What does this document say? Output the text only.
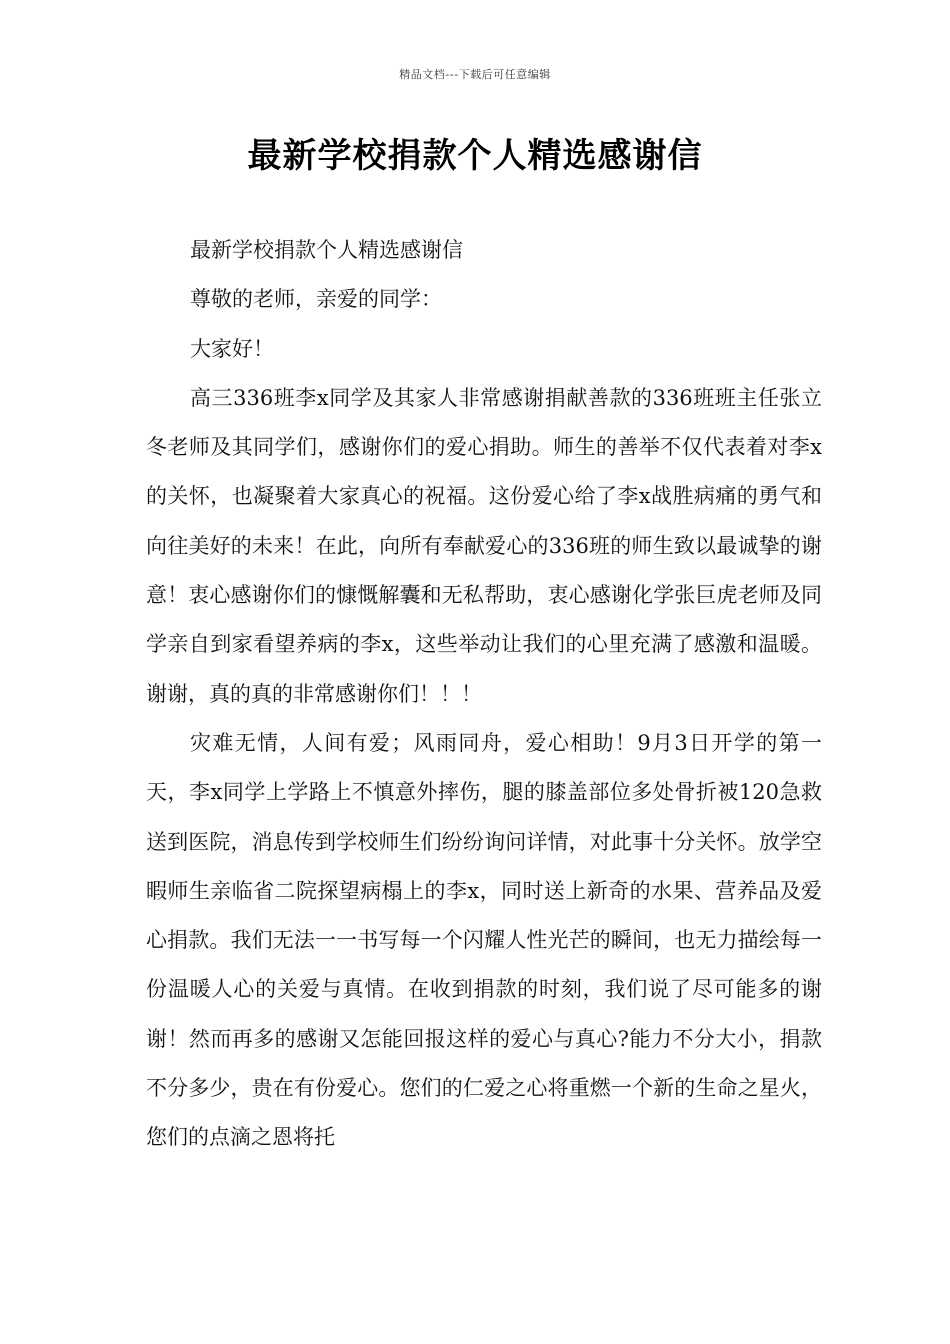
精品文档---下载后可任意编辑
最新学校捐款个人精选感谢信

最新学校捐款个人精选感谢信

尊敬的老师，亲爱的同学：

大家好！

高三336班李x同学及其家人非常感谢捐献善款的336班班主任张立冬老师及其同学们，感谢你们的爱心捐助。师生的善举不仅代表着对李x的关怀，也凝聚着大家真心的祝福。这份爱心给了李x战胜病痛的勇气和向往美好的未来！在此，向所有奉献爱心的336班的师生致以最诚挚的谢意！衷心感谢你们的慷慨解囊和无私帮助，衷心感谢化学张巨虎老师及同学亲自到家看望养病的李x，这些举动让我们的心里充满了感激和温暖。谢谢，真的真的非常感谢你们！！！

灾难无情，人间有爱；风雨同舟，爱心相助！9月3日开学的第一天，李x同学上学路上不慎意外摔伤，腿的膝盖部位多处骨折被120急救送到医院，消息传到学校师生们纷纷询问详情，对此事十分关怀。放学空暇师生亲临省二院探望病榻上的李x，同时送上新奇的水果、营养品及爱心捐款。我们无法一一书写每一个闪耀人性光芒的瞬间，也无力描绘每一份温暖人心的关爱与真情。在收到捐款的时刻，我们说了尽可能多的谢谢！然而再多的感谢又怎能回报这样的爱心与真心?能力不分大小，捐款不分多少，贵在有份爱心。您们的仁爱之心将重燃一个新的生命之星火，您们的点滴之恩将托
